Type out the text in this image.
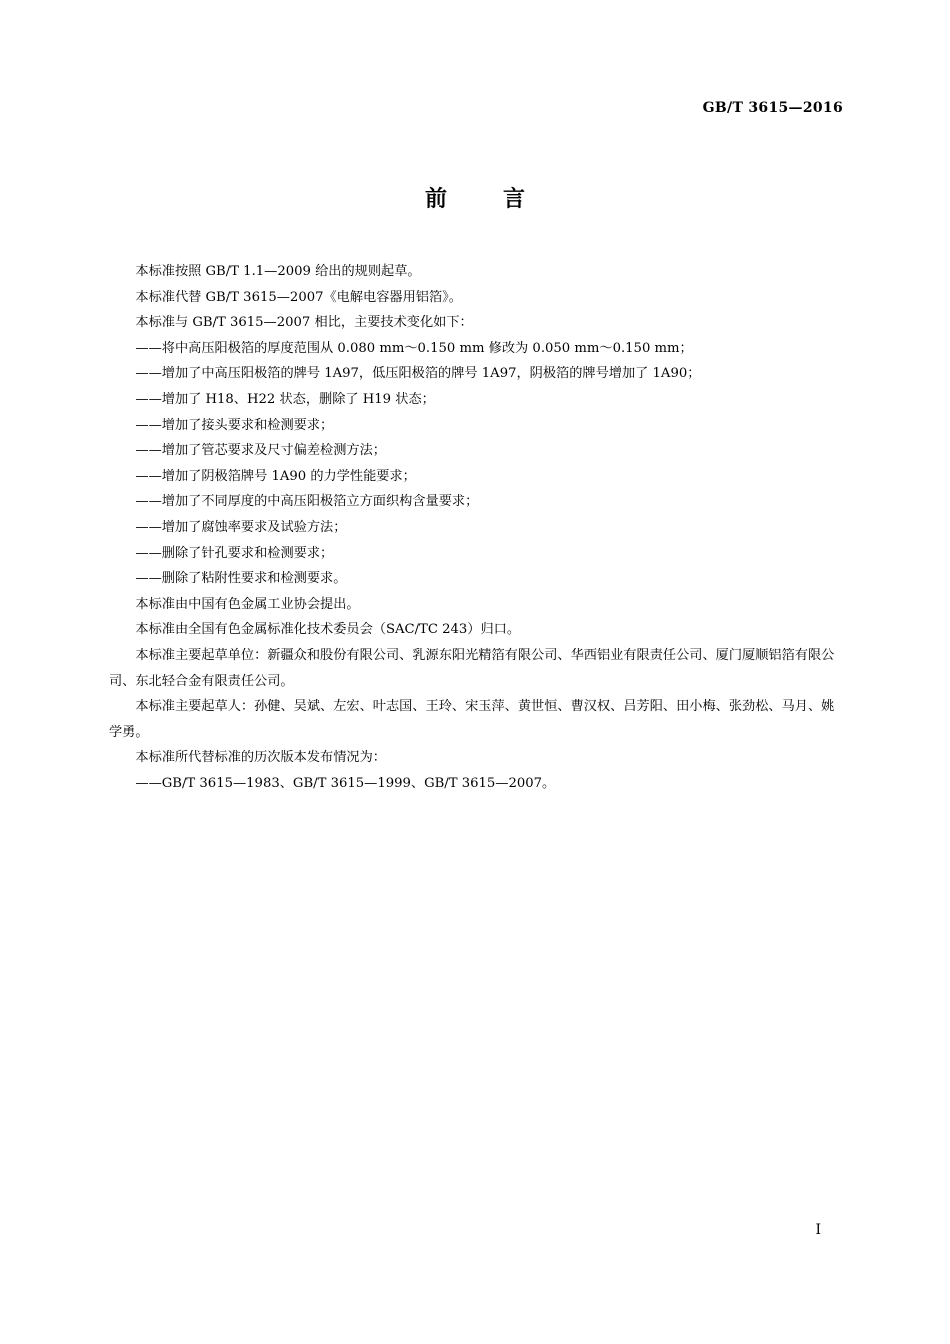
GB/T 3615—2016
前	言

本标准按照 GB/T 1.1—2009 给出的规则起草。

本标准代替 GB/T 3615—2007《电解电容器用铝箔》。

本标准与 GB/T 3615—2007 相比，主要技术变化如下：

——将中高压阳极箔的厚度范围从 0.080 mm～0.150 mm 修改为 0.050 mm～0.150 mm；

——增加了中高压阳极箔的牌号 1A97，低压阳极箔的牌号 1A97，阴极箔的牌号增加了 1A90；

——增加了 H18、H22 状态，删除了 H19 状态；

——增加了接头要求和检测要求；

——增加了管芯要求及尺寸偏差检测方法；

——增加了阴极箔牌号 1A90 的力学性能要求；

——增加了不同厚度的中高压阳极箔立方面织构含量要求；

——增加了腐蚀率要求及试验方法；

——删除了针孔要求和检测要求；

——删除了粘附性要求和检测要求。

本标准由中国有色金属工业协会提出。

本标准由全国有色金属标准化技术委员会（SAC/TC 243）归口。

本标准主要起草单位：新疆众和股份有限公司、乳源东阳光精箔有限公司、华西铝业有限责任公司、厦门厦顺铝箔有限公司、东北轻合金有限责任公司。

本标准主要起草人：孙健、吴斌、左宏、叶志国、王玲、宋玉萍、黄世恒、曹汉权、吕芳阳、田小梅、张劲松、马月、姚学勇。

本标准所代替标准的历次版本发布情况为：

——GB/T 3615—1983、GB/T 3615—1999、GB/T 3615—2007。

I
